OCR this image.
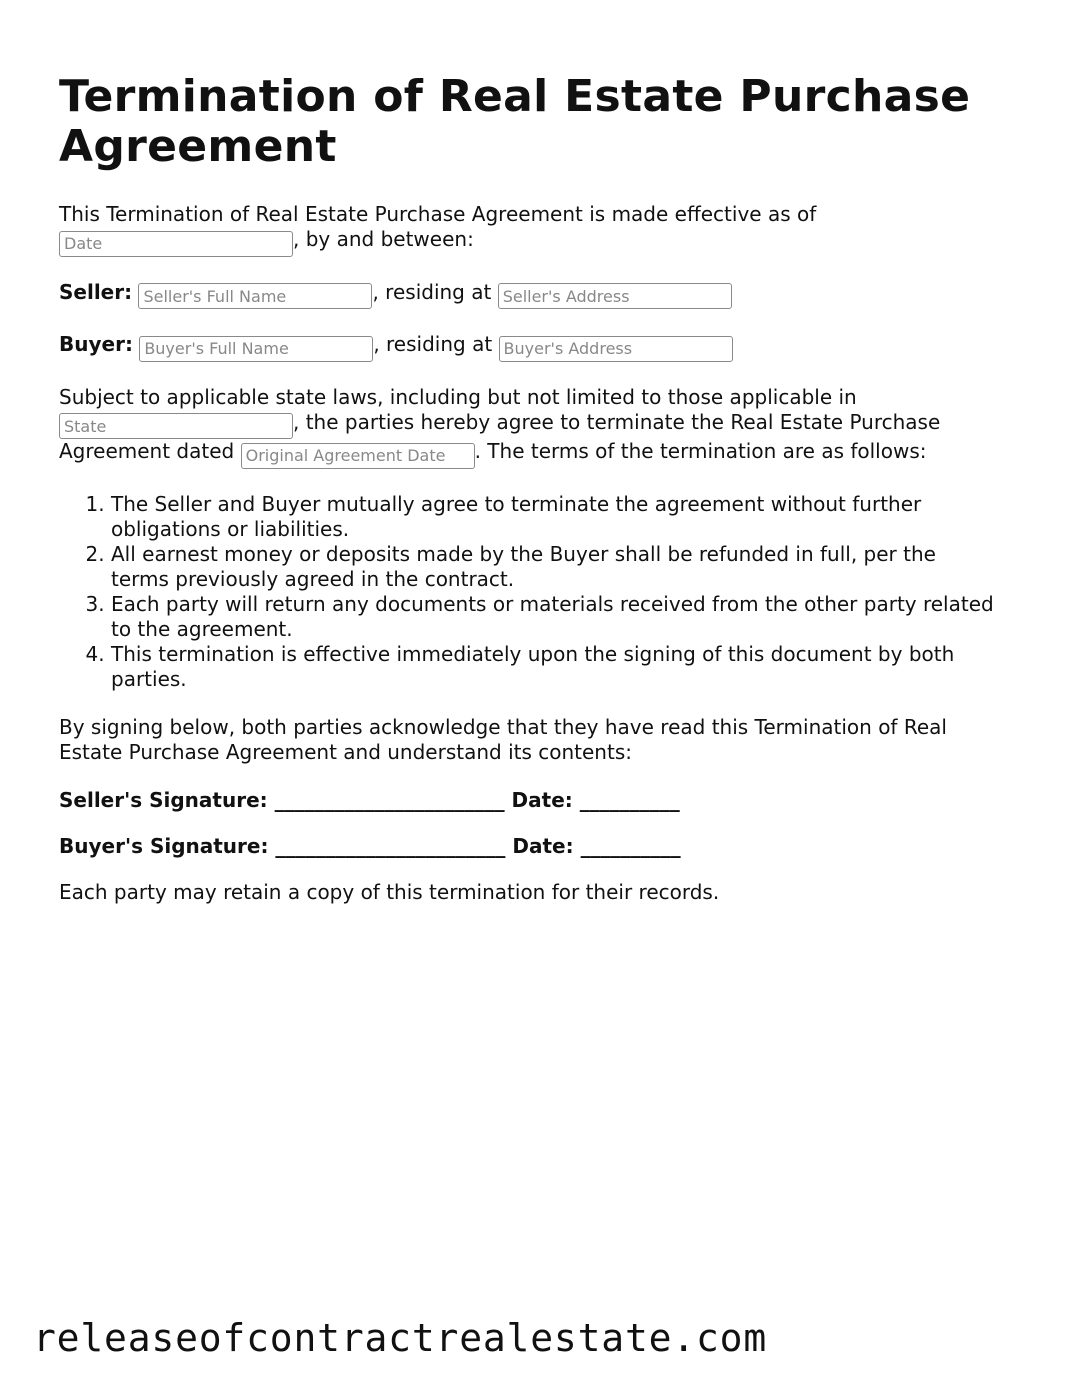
Termination of Real Estate Purchase Agreement

This Termination of Real Estate Purchase Agreement is made effective as of Date, by and between:

Seller: Seller's Full Name	, residing at Seller's Address

Buyer: Buyer's Full Name	, residing at Buyer's Address

Subject to applicable state laws, including but not limited to those applicable in State, the parties hereby agree to terminate the Real Estate Purchase Agreement dated Original Agreement Date	. The terms of the termination are as follows:

1. The Seller and Buyer mutually agree to terminate the agreement without further obligations or liabilities.
2. All earnest money or deposits made by the Buyer shall be refunded in full, per the terms previously agreed in the contract.
3. Each party will return any documents or materials received from the other party related to the agreement.
4. This termination is effective immediately upon the signing of this document by both parties.

By signing below, both parties acknowledge that they have read this Termination of Real Estate Purchase Agreement and understand its contents:

Seller's Signature: _______________________ Date: __________
Buyer's Signature: _______________________ Date: __________

Each party may retain a copy of this termination for their records.

releaseofcontractrealestate.com
